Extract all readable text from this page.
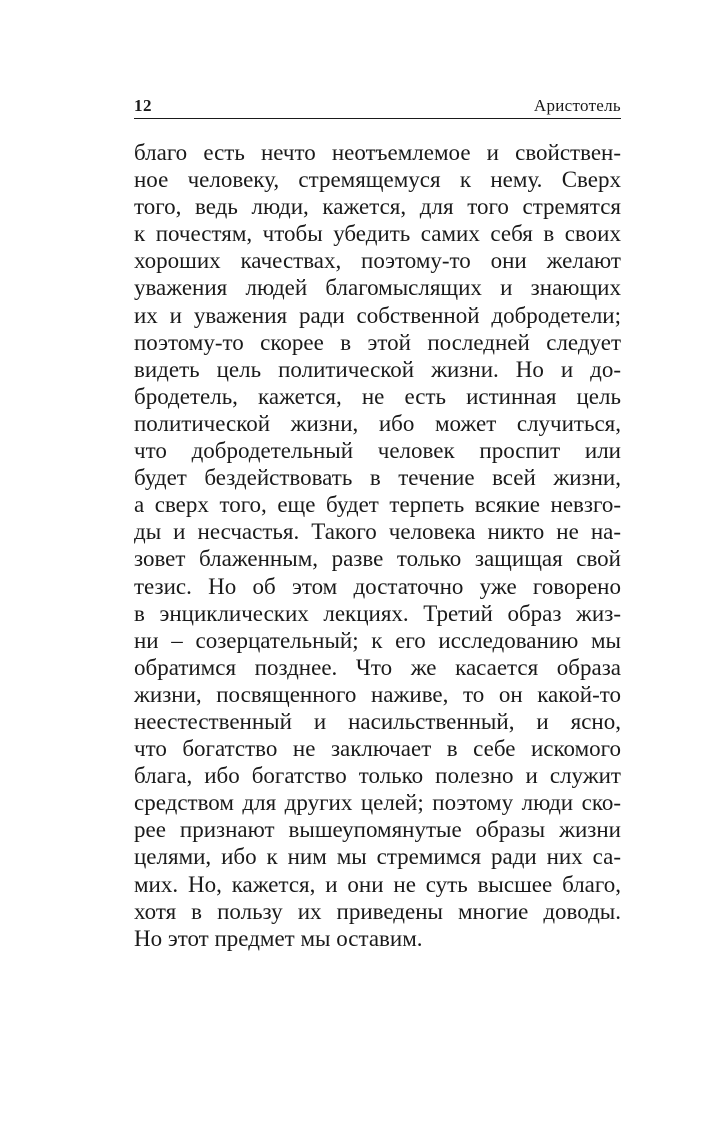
12	Аристотель
благо есть нечто неотъемлемое и свойствен-
ное человеку, стремящемуся к нему. Сверх
того, ведь люди, кажется, для того стремятся
к почестям, чтобы убедить самих себя в своих
хороших качествах, поэтому-то они желают
уважения людей благомыслящих и знающих
их и уважения ради собственной добродетели;
поэтому-то скорее в этой последней следует
видеть цель политической жизни. Но и до-
бродетель, кажется, не есть истинная цель
политической жизни, ибо может случиться,
что добродетельный человек проспит или
будет бездействовать в течение всей жизни,
а сверх того, еще будет терпеть всякие невзго-
ды и несчастья. Такого человека никто не на-
зовет блаженным, разве только защищая свой
тезис. Но об этом достаточно уже говорено
в энциклических лекциях. Третий образ жиз-
ни – созерцательный; к его исследованию мы
обратимся позднее. Что же касается образа
жизни, посвященного наживе, то он какой-то
неестественный и насильственный, и ясно,
что богатство не заключает в себе искомого
блага, ибо богатство только полезно и служит
средством для других целей; поэтому люди ско-
рее признают вышеупомянутые образы жизни
целями, ибо к ним мы стремимся ради них са-
мих. Но, кажется, и они не суть высшее благо,
хотя в пользу их приведены многие доводы.
Но этот предмет мы оставим.
